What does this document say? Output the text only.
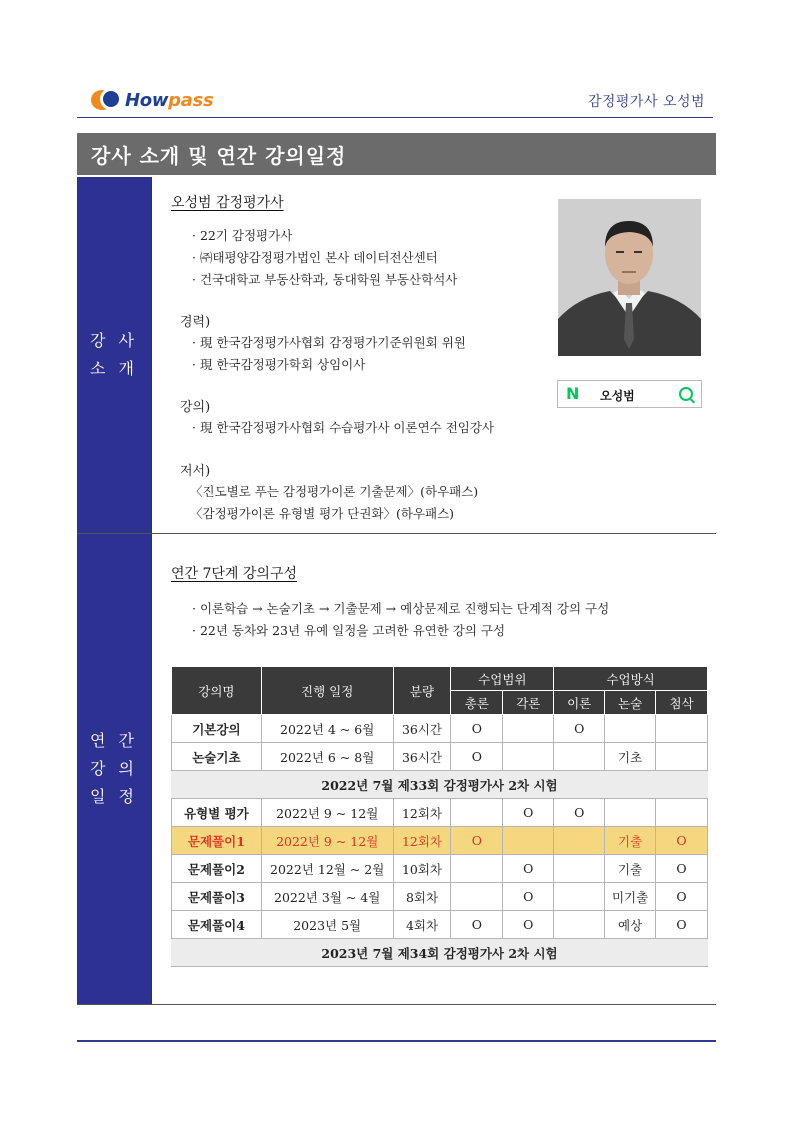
Howpass	감정평가사 오성범
강사 소개 및 연간 강의일정
강 사
소 개
오성범 감정평가사
· 22기 감정평가사
· ㈜태평양감정평가법인 본사 데이터전산센터
· 건국대학교 부동산학과, 동대학원 부동산학석사
경력)
· 現 한국감정평가사협회 감정평가기준위원회 위원
· 現 한국감정평가학회 상임이사
강의)
· 現 한국감정평가사협회 수습평가사 이론연수 전임강사
저서)
〈진도별로 푸는 감정평가이론 기출문제〉(하우패스)
〈감정평가이론 유형별 평가 단권화〉(하우패스)
N 오성범
연 간
강 의
일 정
연간 7단계 강의구성
· 이론학습 → 논술기초 → 기출문제 → 예상문제로 진행되는 단계적 강의 구성
· 22년 동차와 23년 유예 일정을 고려한 유연한 강의 구성
강의명	진행 일정	분량	수업범위		수업방식		
			총론	각론	이론	논술	첨삭
기본강의	2022년 4 ~ 6월	36시간	O		O		
논술기초	2022년 6 ~ 8월	36시간	O			기초	
2022년 7월 제33회 감정평가사 2차 시험							
유형별 평가	2022년 9 ~ 12월	12회차		O	O		
문제풀이1	2022년 9 ~ 12월	12회차	O			기출	O
문제풀이2	2022년 12월 ~ 2월	10회차		O		기출	O
문제풀이3	2022년 3월 ~ 4월	8회차		O		미기출	O
문제풀이4	2023년 5월	4회차	O	O		예상	O
2023년 7월 제34회 감정평가사 2차 시험							
